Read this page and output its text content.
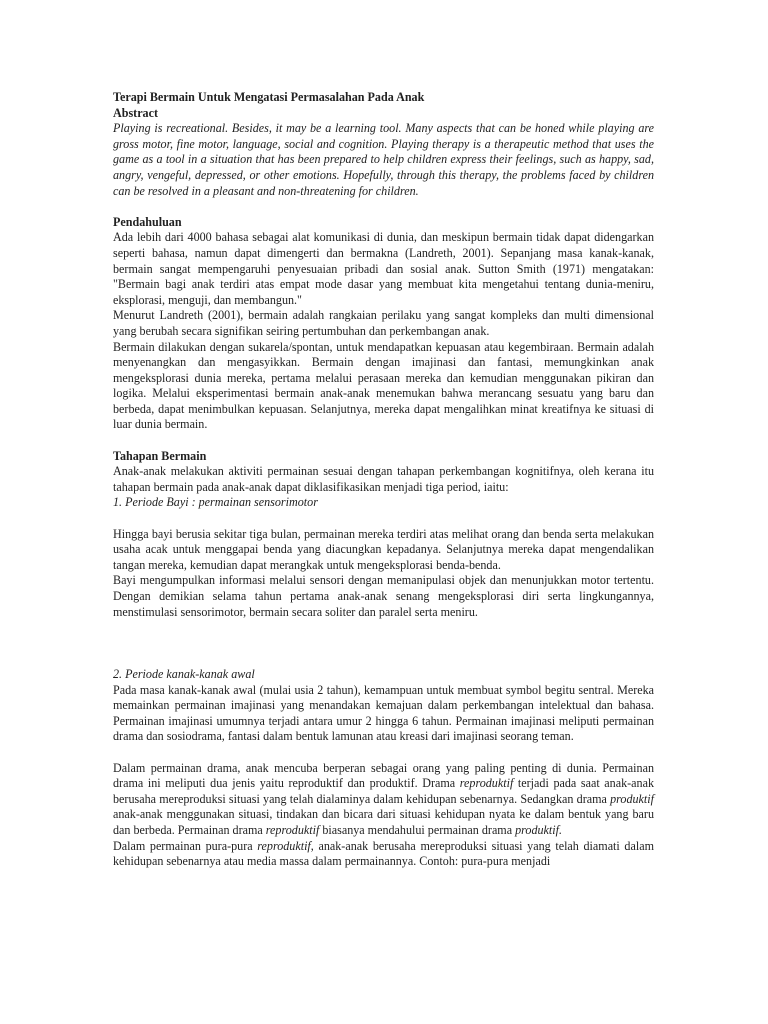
Terapi Bermain Untuk Mengatasi Permasalahan Pada Anak

Abstract

Playing is recreational. Besides, it may be a learning tool. Many aspects that can be honed while playing are gross motor, fine motor, language, social and cognition. Playing therapy is a therapeutic method that uses the game as a tool in a situation that has been prepared to help children express their feelings, such as happy, sad, angry, vengeful, depressed, or other emotions. Hopefully, through this therapy, the problems faced by children can be resolved in a pleasant and non-threatening for children.

Pendahuluan

Ada lebih dari 4000 bahasa sebagai alat komunikasi di dunia, dan meskipun bermain tidak dapat didengarkan seperti bahasa, namun dapat dimengerti dan bermakna (Landreth, 2001). Sepanjang masa kanak-kanak, bermain sangat mempengaruhi penyesuaian pribadi dan sosial anak. Sutton Smith (1971) mengatakan: "Bermain bagi anak terdiri atas empat mode dasar yang membuat kita mengetahui tentang dunia-meniru, eksplorasi, menguji, dan membangun."

Menurut Landreth (2001), bermain adalah rangkaian perilaku yang sangat kompleks dan multi dimensional yang berubah secara signifikan seiring pertumbuhan dan perkembangan anak.

Bermain dilakukan dengan sukarela/spontan, untuk mendapatkan kepuasan atau kegembiraan. Bermain adalah menyenangkan dan mengasyikkan. Bermain dengan imajinasi dan fantasi, memungkinkan anak mengeksplorasi dunia mereka, pertama melalui perasaan mereka dan kemudian menggunakan pikiran dan logika. Melalui eksperimentasi bermain anak-anak menemukan bahwa merancang sesuatu yang baru dan berbeda, dapat menimbulkan kepuasan. Selanjutnya, mereka dapat mengalihkan minat kreatifnya ke situasi di luar dunia bermain.

Tahapan Bermain

Anak-anak melakukan aktiviti permainan sesuai dengan tahapan perkembangan kognitifnya, oleh kerana itu tahapan bermain pada anak-anak dapat diklasifikasikan menjadi tiga period, iaitu:

1. Periode Bayi : permainan sensorimotor

Hingga bayi berusia sekitar tiga bulan, permainan mereka terdiri atas melihat orang dan benda serta melakukan usaha acak untuk menggapai benda yang diacungkan kepadanya. Selanjutnya mereka dapat mengendalikan tangan mereka, kemudian dapat merangkak untuk mengeksplorasi benda-benda.

Bayi mengumpulkan informasi melalui sensori dengan memanipulasi objek dan menunjukkan motor tertentu. Dengan demikian selama tahun pertama anak-anak senang mengeksplorasi diri serta lingkungannya, menstimulasi sensorimotor, bermain secara soliter dan paralel serta meniru.

2. Periode kanak-kanak awal

Pada masa kanak-kanak awal (mulai usia 2 tahun), kemampuan untuk membuat symbol begitu sentral. Mereka memainkan permainan imajinasi yang menandakan kemajuan dalam perkembangan intelektual dan bahasa. Permainan imajinasi umumnya terjadi antara umur 2 hingga 6 tahun. Permainan imajinasi meliputi permainan drama dan sosiodrama, fantasi dalam bentuk lamunan atau kreasi dari imajinasi seorang teman.

Dalam permainan drama, anak mencuba berperan sebagai orang yang paling penting di dunia. Permainan drama ini meliputi dua jenis yaitu reproduktif dan produktif. Drama reproduktif terjadi pada saat anak-anak berusaha mereproduksi situasi yang telah dialaminya dalam kehidupan sebenarnya. Sedangkan drama produktif anak-anak menggunakan situasi, tindakan dan bicara dari situasi kehidupan nyata ke dalam bentuk yang baru dan berbeda. Permainan drama reproduktif biasanya mendahului permainan drama produktif.

Dalam permainan pura-pura reproduktif, anak-anak berusaha mereproduksi situasi yang telah diamati dalam kehidupan sebenarnya atau media massa dalam permainannya. Contoh: pura-pura menjadi
